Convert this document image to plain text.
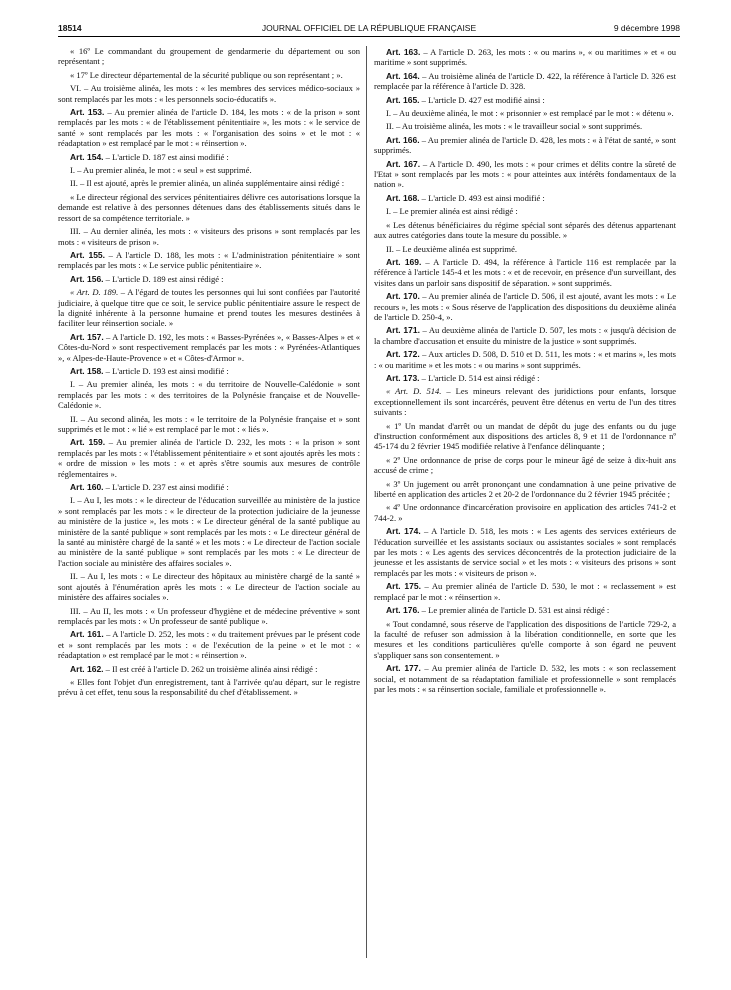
18514	JOURNAL OFFICIEL DE LA RÉPUBLIQUE FRANÇAISE	9 décembre 1998

« 16º Le commandant du groupement de gendarmerie du département ou son représentant ;

« 17º Le directeur départemental de la sécurité publique ou son représentant ; ».

VI. – Au troisième alinéa, les mots : « les membres des services médico-sociaux » sont remplacés par les mots : « les personnels socio-éducatifs ».

Art. 153. – Au premier alinéa de l'article D. 184, les mots : « de la prison » sont remplacés par les mots : « de l'établissement pénitentiaire », les mots : « le service de santé » sont remplacés par les mots : « l'organisation des soins » et le mot : « réadaptation » est remplacé par le mot : « réinsertion ».

Art. 154. – L'article D. 187 est ainsi modifié :

I. – Au premier alinéa, le mot : « seul » est supprimé.

II. – Il est ajouté, après le premier alinéa, un alinéa supplémentaire ainsi rédigé :

« Le directeur régional des services pénitentiaires délivre ces autorisations lorsque la demande est relative à des personnes détenues dans des établissements situés dans le ressort de sa compétence territoriale. »

III. – Au dernier alinéa, les mots : « visiteurs des prisons » sont remplacés par les mots : « visiteurs de prison ».

Art. 155. – A l'article D. 188, les mots : « L'administration pénitentiaire » sont remplacés par les mots : « Le service public pénitentiaire ».

Art. 156. – L'article D. 189 est ainsi rédigé :

« Art. D. 189. – A l'égard de toutes les personnes qui lui sont confiées par l'autorité judiciaire, à quelque titre que ce soit, le service public pénitentiaire assure le respect de la dignité inhérente à la personne humaine et prend toutes les mesures destinées à faciliter leur réinsertion sociale. »

Art. 157. – A l'article D. 192, les mots : « Basses-Pyrénées », « Basses-Alpes » et « Côtes-du-Nord » sont respectivement remplacés par les mots : « Pyrénées-Atlantiques », « Alpes-de-Haute-Provence » et « Côtes-d'Armor ».

Art. 158. – L'article D. 193 est ainsi modifié :

I. – Au premier alinéa, les mots : « du territoire de Nouvelle-Calédonie » sont remplacés par les mots : « des territoires de la Polynésie française et de Nouvelle-Calédonie ».

II. – Au second alinéa, les mots : « le territoire de la Polynésie française et » sont supprimés et le mot : « lié » est remplacé par le mot : « liés ».

Art. 159. – Au premier alinéa de l'article D. 232, les mots : « la prison » sont remplacés par les mots : « l'établissement pénitentiaire » et sont ajoutés après les mots : « ordre de mission » les mots : « et après s'être soumis aux mesures de contrôle réglementaires ».

Art. 160. – L'article D. 237 est ainsi modifié :

I. – Au I, les mots : « le directeur de l'éducation surveillée au ministère de la justice » sont remplacés par les mots : « le directeur de la protection judiciaire de la jeunesse au ministère de la justice », les mots : « Le directeur général de la santé publique au ministère de la santé publique » sont remplacés par les mots : « Le directeur général de la santé au ministère chargé de la santé » et les mots : « Le directeur de l'action sociale au ministère de la santé publique » sont remplacés par les mots : « Le directeur de l'action sociale au ministère des affaires sociales ».

II. – Au I, les mots : « Le directeur des hôpitaux au ministère chargé de la santé » sont ajoutés à l'énumération après les mots : « Le directeur de l'action sociale au ministère des affaires sociales ».

III. – Au II, les mots : « Un professeur d'hygiène et de médecine préventive » sont remplacés par les mots : « Un professeur de santé publique ».

Art. 161. – A l'article D. 252, les mots : « du traitement prévues par le présent code et » sont remplacés par les mots : « de l'exécution de la peine » et le mot : « réadaptation » est remplacé par le mot : « réinsertion ».

Art. 162. – Il est créé à l'article D. 262 un troisième alinéa ainsi rédigé :

« Elles font l'objet d'un enregistrement, tant à l'arrivée qu'au départ, sur le registre prévu à cet effet, tenu sous la responsabilité du chef d'établissement. »

Art. 163. – A l'article D. 263, les mots : « ou marins », « ou maritimes » et « ou maritime » sont supprimés.

Art. 164. – Au troisième alinéa de l'article D. 422, la référence à l'article D. 326 est remplacée par la référence à l'article D. 328.

Art. 165. – L'article D. 427 est modifié ainsi :

I. – Au deuxième alinéa, le mot : « prisonnier » est remplacé par le mot : « détenu ».

II. – Au troisième alinéa, les mots : « le travailleur social » sont supprimés.

Art. 166. – Au premier alinéa de l'article D. 428, les mots : « à l'état de santé, » sont supprimés.

Art. 167. – A l'article D. 490, les mots : « pour crimes et délits contre la sûreté de l'Etat » sont remplacés par les mots : « pour atteintes aux intérêts fondamentaux de la nation ».

Art. 168. – L'article D. 493 est ainsi modifié :

I. – Le premier alinéa est ainsi rédigé :

« Les détenus bénéficiaires du régime spécial sont séparés des détenus appartenant aux autres catégories dans toute la mesure du possible. »

II. – Le deuxième alinéa est supprimé.

Art. 169. – A l'article D. 494, la référence à l'article 116 est remplacée par la référence à l'article 145-4 et les mots : « et de recevoir, en présence d'un surveillant, des visites dans un parloir sans dispositif de séparation. » sont supprimés.

Art. 170. – Au premier alinéa de l'article D. 506, il est ajouté, avant les mots : « Le recours », les mots : « Sous réserve de l'application des dispositions du deuxième alinéa de l'article D. 250-4, ».

Art. 171. – Au deuxième alinéa de l'article D. 507, les mots : « jusqu'à décision de la chambre d'accusation et ensuite du ministre de la justice » sont supprimés.

Art. 172. – Aux articles D. 508, D. 510 et D. 511, les mots : « et marins », les mots : « ou maritime » et les mots : « ou marins » sont supprimés.

Art. 173. – L'article D. 514 est ainsi rédigé :

« Art. D. 514. – Les mineurs relevant des juridictions pour enfants, lorsque exceptionnellement ils sont incarcérés, peuvent être détenus en vertu de l'un des titres suivants :

« 1º Un mandat d'arrêt ou un mandat de dépôt du juge des enfants ou du juge d'instruction conformément aux dispositions des articles 8, 9 et 11 de l'ordonnance nº 45-174 du 2 février 1945 modifiée relative à l'enfance délinquante ;

« 2º Une ordonnance de prise de corps pour le mineur âgé de seize à dix-huit ans accusé de crime ;

« 3º Un jugement ou arrêt prononçant une condamnation à une peine privative de liberté en application des articles 2 et 20-2 de l'ordonnance du 2 février 1945 précitée ;

« 4º Une ordonnance d'incarcération provisoire en application des articles 741-2 et 744-2. »

Art. 174. – A l'article D. 518, les mots : « Les agents des services extérieurs de l'éducation surveillée et les assistants sociaux ou assistantes sociales » sont remplacés par les mots : « Les agents des services déconcentrés de la protection judiciaire de la jeunesse et les assistants de service social » et les mots : « visiteurs des prisons » sont remplacés par les mots : « visiteurs de prison ».

Art. 175. – Au premier alinéa de l'article D. 530, le mot : « reclassement » est remplacé par le mot : « réinsertion ».

Art. 176. – Le premier alinéa de l'article D. 531 est ainsi rédigé :

« Tout condamné, sous réserve de l'application des dispositions de l'article 729-2, a la faculté de refuser son admission à la libération conditionnelle, en sorte que les mesures et les conditions particulières qu'elle comporte à son égard ne peuvent s'appliquer sans son consentement. »

Art. 177. – Au premier alinéa de l'article D. 532, les mots : « son reclassement social, et notamment de sa réadaptation familiale et professionnelle » sont remplacés par les mots : « sa réinsertion sociale, familiale et professionnelle ».
